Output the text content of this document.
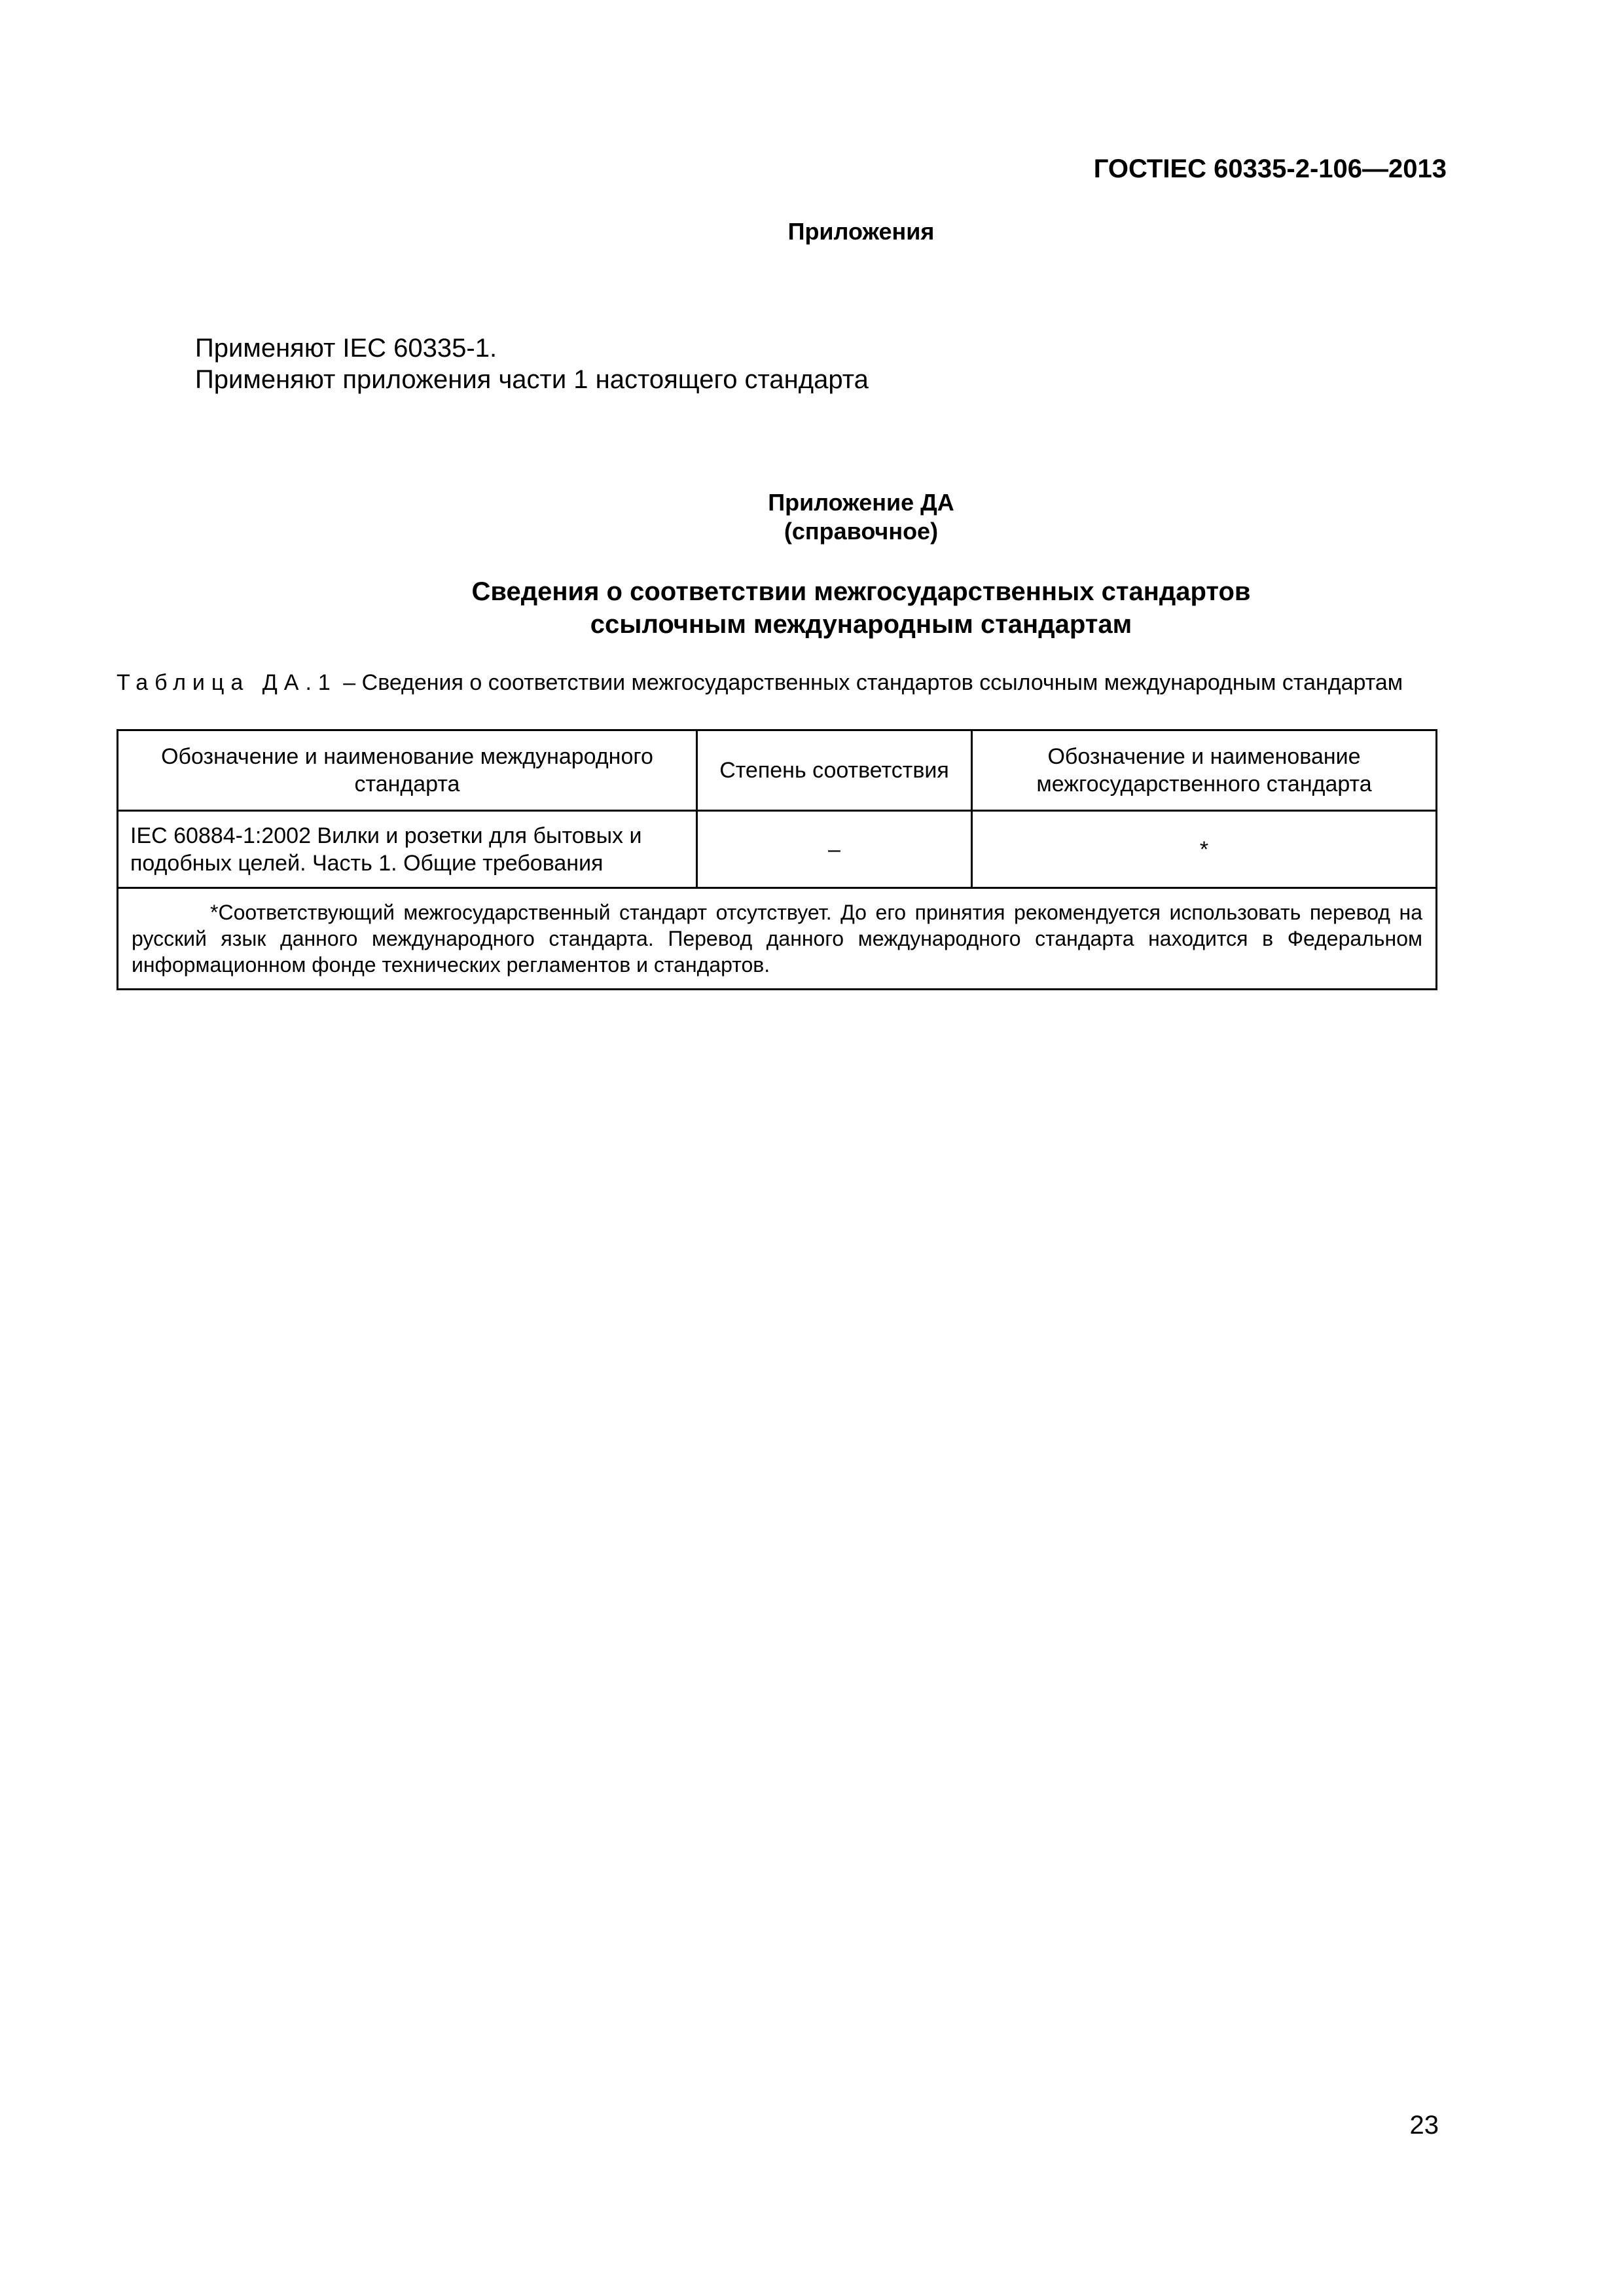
ГОСТIEC 60335-2-106—2013
Приложения
Применяют IEC 60335-1.
Применяют приложения части 1 настоящего стандарта
Приложение ДА
(справочное)
Сведения о соответствии межгосударственных стандартов
ссылочным международным стандартам
Таблица ДА.1 – Сведения о соответствии межгосударственных стандартов ссылочным международным стандартам
Обозначение и наименование международного стандарта	Степень соответствия	Обозначение и наименование межгосударственного стандарта
IEC 60884-1:2002 Вилки и розетки для бытовых и подобных целей. Часть 1. Общие требования	–	*
*Соответствующий межгосударственный стандарт отсутствует. До его принятия рекомендуется использовать перевод на русский язык данного международного стандарта. Перевод данного международного стандарта находится в Федеральном информационном фонде технических регламентов и стандартов.		
23
